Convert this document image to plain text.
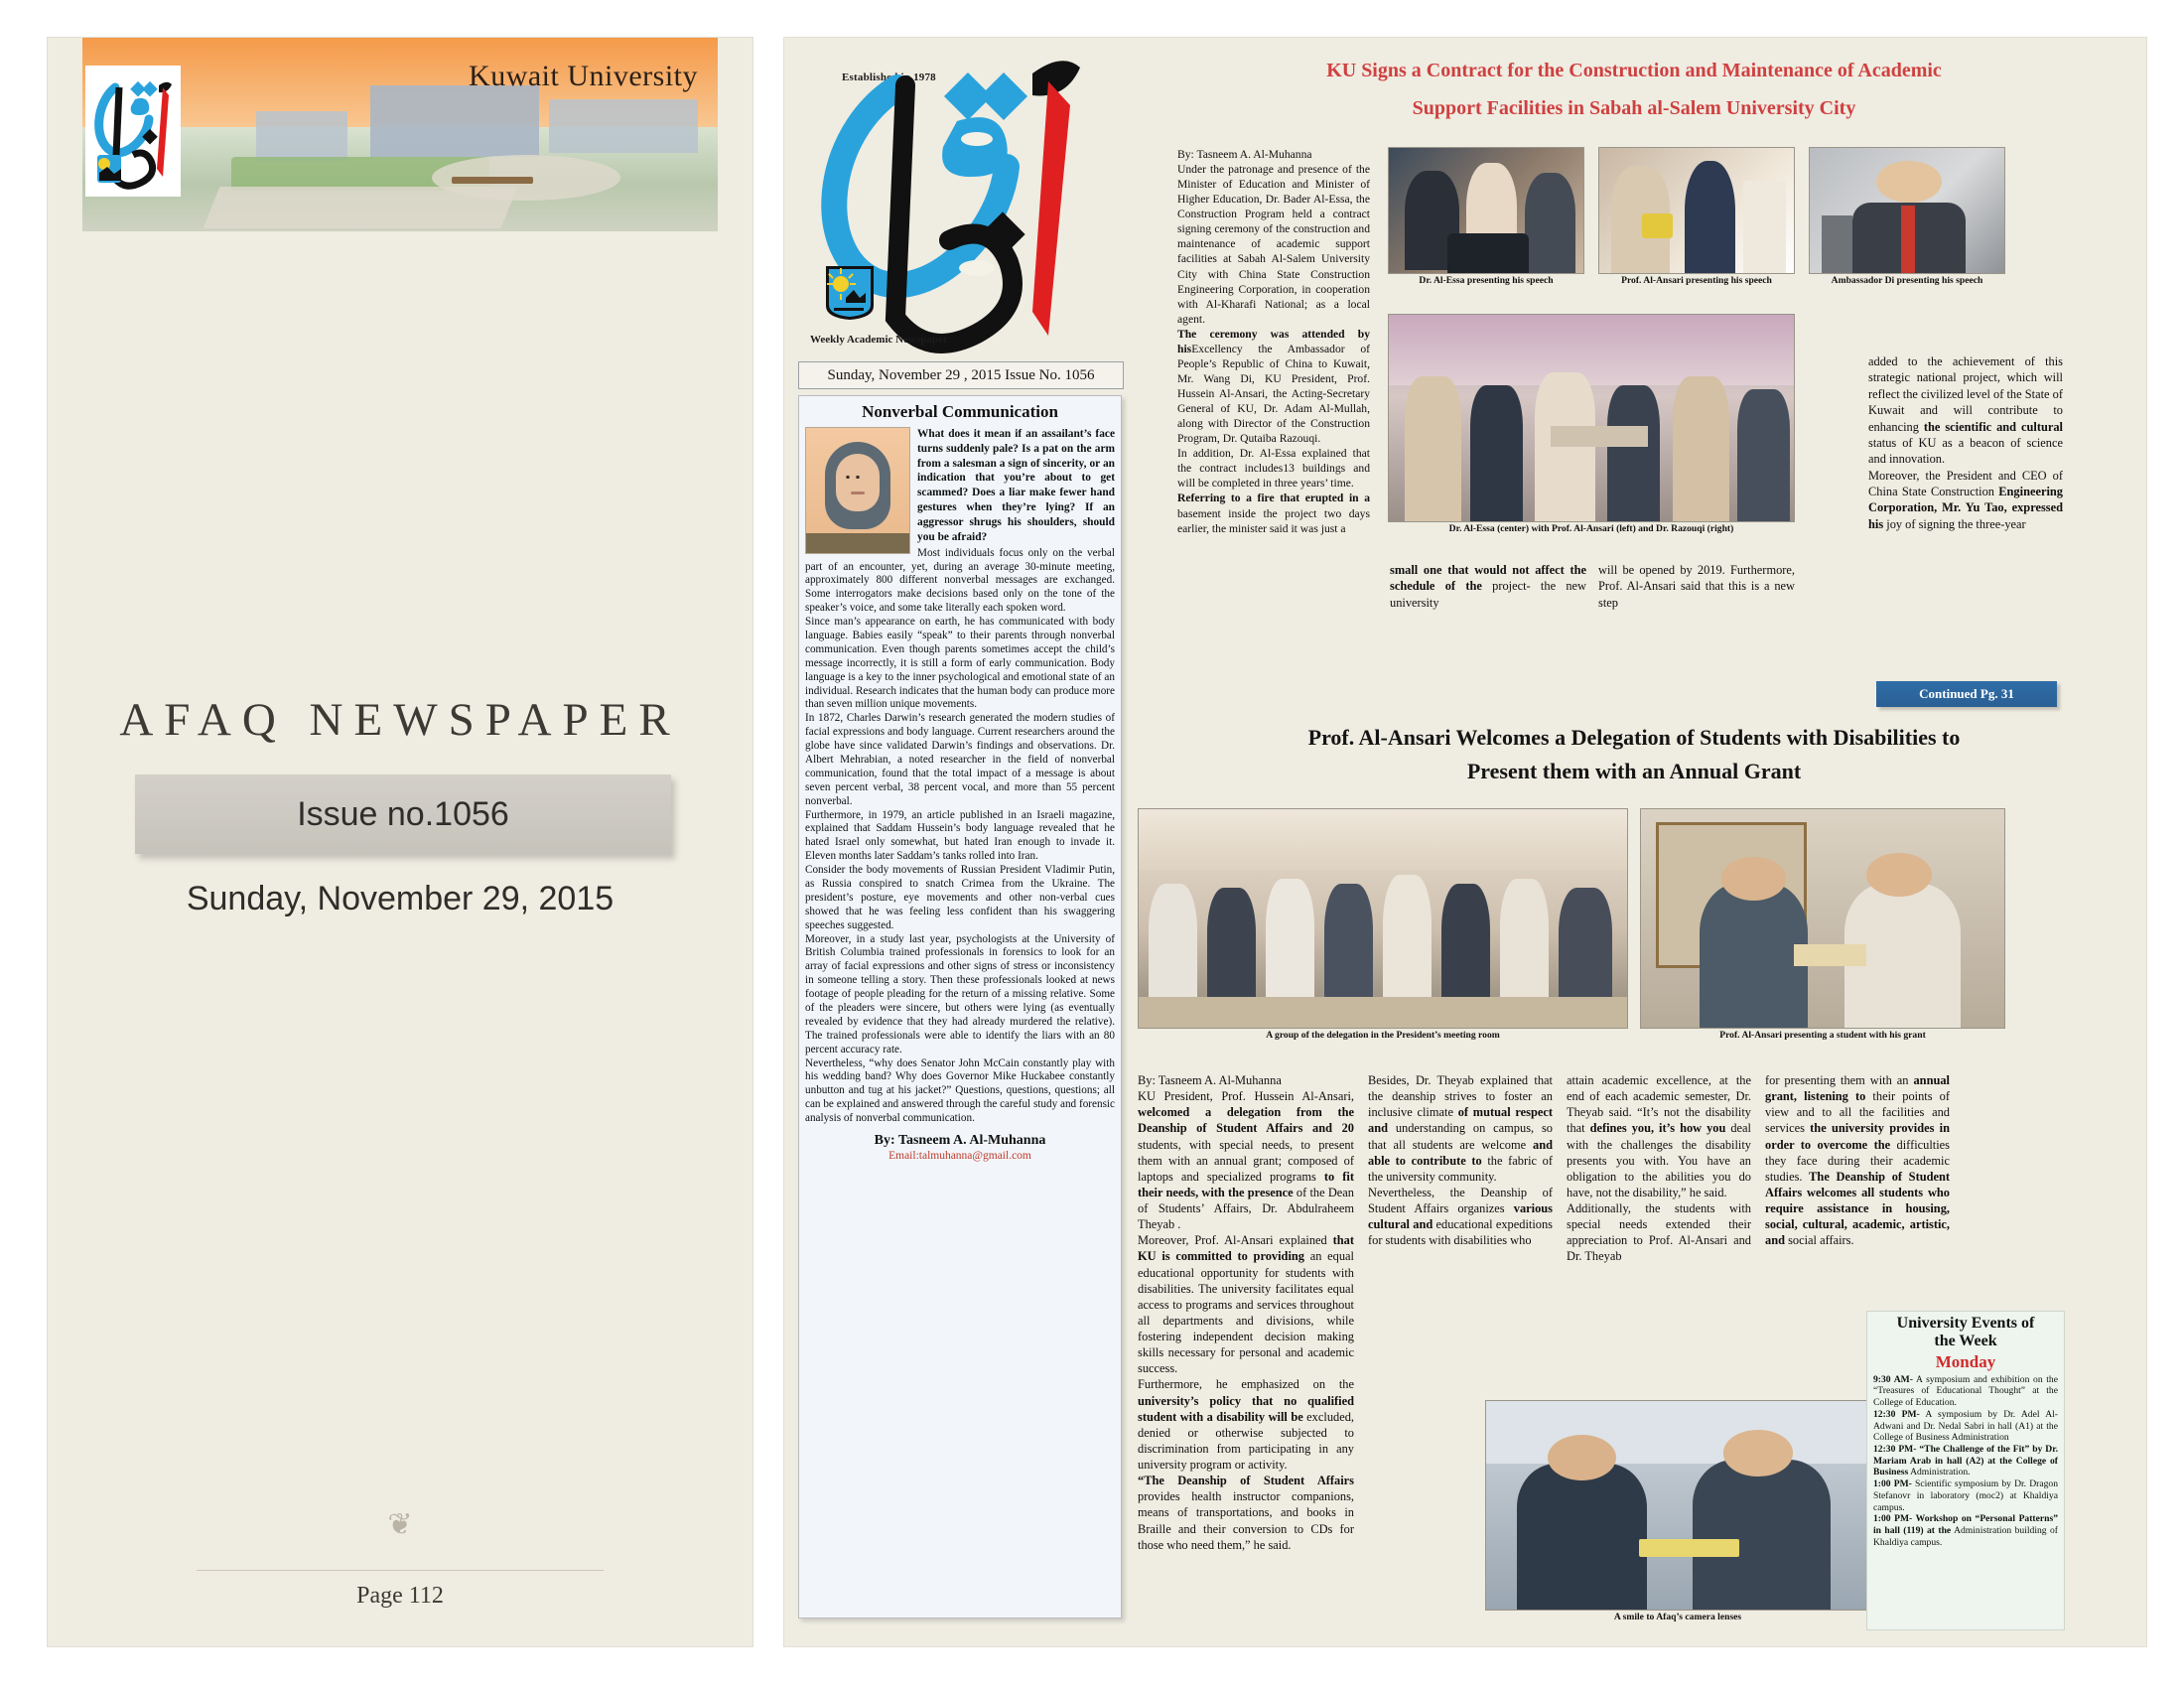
Kuwait University
AFAQ NEWSPAPER
Issue no.1056
Sunday, November 29, 2015
❦
Page 112
Established in 1978
Weekly Academic Newspaper
Sunday, November 29 , 2015 Issue No. 1056
Nonverbal Communication
What does it mean if an assailant’s face turns suddenly pale? Is a pat on the arm from a salesman a sign of sincerity, or an indication that you’re about to get scammed? Does a liar make fewer hand gestures when they’re lying? If an aggressor shrugs his shoulders, should you be afraid?

Most individuals focus only on the verbal part of an encounter, yet, during an average 30-minute meeting, approximately 800 different nonverbal messages are exchanged. Some interrogators make decisions based only on the tone of the speaker’s voice, and some take literally each spoken word.

Since man’s appearance on earth, he has communicated with body language. Babies easily “speak” to their parents through nonverbal communication. Even though parents sometimes accept the child’s message incorrectly, it is still a form of early communication. Body language is a key to the inner psychological and emotional state of an individual. Research indicates that the human body can produce more than seven million unique movements.

In 1872, Charles Darwin’s research generated the modern studies of facial expressions and body language. Current researchers around the globe have since validated Darwin’s findings and observations. Dr. Albert Mehrabian, a noted researcher in the field of nonverbal communication, found that the total impact of a message is about seven percent verbal, 38 percent vocal, and more than 55 percent nonverbal.

Furthermore, in 1979, an article published in an Israeli magazine, explained that Saddam Hussein’s body language revealed that he hated Israel only somewhat, but hated Iran enough to invade it. Eleven months later Saddam’s tanks rolled into Iran.

Consider the body movements of Russian President Vladimir Putin, as Russia conspired to snatch Crimea from the Ukraine. The president’s posture, eye movements and other non-verbal cues showed that he was feeling less confident than his swaggering speeches suggested.

Moreover, in a study last year, psychologists at the University of British Columbia trained professionals in forensics to look for an array of facial expressions and other signs of stress or inconsistency in someone telling a story. Then these professionals looked at news footage of people pleading for the return of a missing relative. Some of the pleaders were sincere, but others were lying (as eventually revealed by evidence that they had already murdered the relative). The trained professionals were able to identify the liars with an 80 percent accuracy rate.

Nevertheless, “why does Senator John McCain constantly play with his wedding band? Why does Governor Mike Huckabee constantly unbutton and tug at his jacket?” Questions, questions, questions; all can be explained and answered through the careful study and forensic analysis of nonverbal communication.

By: Tasneem A. Al-Muhanna
Email:talmuhanna@gmail.com
KU Signs a Contract for the Construction and Maintenance of Academic
Support Facilities in Sabah al-Salem University City

By: Tasneem A. Al-Muhanna

Under the patronage and presence of the Minister of Education and Minister of Higher Education, Dr. Bader Al-Essa, the Construction Program held a contract signing ceremony of the construction and maintenance of academic support facilities at Sabah Al-Salem University City with China State Construction Engineering Corporation, in cooperation with Al-Kharafi National; as a local agent.

The ceremony was attended by hisExcellency the Ambassador of People’s Republic of China to Kuwait, Mr. Wang Di, KU President, Prof. Hussein Al-Ansari, the Acting-Secretary General of KU, Dr. Adam Al-Mullah, along with Director of the Construction Program, Dr. Qutaiba Razouqi.

In addition, Dr. Al-Essa explained that the contract includes13 buildings and will be completed in three years’ time.

Referring to a fire that erupted in a basement inside the project two days earlier, the minister said it was just a

Dr. Al-Essa presenting his speech	Prof. Al-Ansari presenting his speech	Ambassador Di presenting his speech
Dr. Al-Essa (center) with Prof. Al-Ansari (left) and Dr. Razouqi (right)
small one that would not affect the schedule of the project- the new university
will be opened by 2019. Furthermore, Prof. Al-Ansari said that this is a new step

added to the achievement of this strategic national project, which will reflect the civilized level of the State of Kuwait and will contribute to enhancing the scientific and cultural status of KU as a beacon of science and innovation.

Moreover, the President and CEO of China State Construction Engineering Corporation, Mr. Yu Tao, expressed his joy of signing the three-year

Continued Pg. 31
Prof. Al-Ansari Welcomes a Delegation of Students with Disabilities to
Present them with an Annual Grant
A group of the delegation in the President’s meeting room	Prof. Al-Ansari presenting a student with his grant

By: Tasneem A. Al-Muhanna

KU President, Prof. Hussein Al-Ansari, welcomed a delegation from the Deanship of Student Affairs and 20 students, with special needs, to present them with an annual grant; composed of laptops and specialized programs to fit their needs, with the presence of the Dean of Students’ Affairs, Dr. Abdulraheem Theyab .

Moreover, Prof. Al-Ansari explained that KU is committed to providing an equal educational opportunity for students with disabilities. The university facilitates equal access to programs and services throughout all departments and divisions, while fostering independent decision making skills necessary for personal and academic success.

Furthermore, he emphasized on the university’s policy that no qualified student with a disability will be excluded, denied or otherwise subjected to discrimination from participating in any university program or activity.

“The Deanship of Student Affairs provides health instructor companions, means of transportations, and books in Braille and their conversion to CDs for those who need them,” he said.

Besides, Dr. Theyab explained that the deanship strives to foster an inclusive climate of mutual respect and understanding on campus, so that all students are welcome and able to contribute to the fabric of the university community.

Nevertheless, the Deanship of Student Affairs organizes various cultural and educational expeditions for students with disabilities who

attain academic excellence, at the end of each academic semester, Dr. Theyab said. “It’s not the disability that defines you, it’s how you deal with the challenges the disability presents you with. You have an obligation to the abilities you do have, not the disability,” he said.

Additionally, the students with special needs extended their appreciation to Prof. Al-Ansari and Dr. Theyab

for presenting them with an annual grant, listening to their points of view and to all the facilities and services the university provides in order to overcome the difficulties they face during their academic studies. The Deanship of Student Affairs welcomes all students who require assistance in housing, social, cultural, academic, artistic, and social affairs.

A smile to Afaq’s camera lenses
University Events of
the Week
Monday

9:30 AM- A symposium and exhibition on the “Treasures of Educational Thought” at the College of Education.

12:30 PM- A symposium by Dr. Adel Al-Adwani and Dr. Nedal Sabri in hall (A1) at the College of Business Administration

12:30 PM- “The Challenge of the Fit” by Dr. Mariam Arab in hall (A2) at the College of Business Administration.

1:00 PM- Scientific symposium by Dr. Dragon Stefanovr in laboratory (moc2) at Khaldiya campus.

1:00 PM- Workshop on “Personal Patterns” in hall (119) at the Administration building of Khaldiya campus.
